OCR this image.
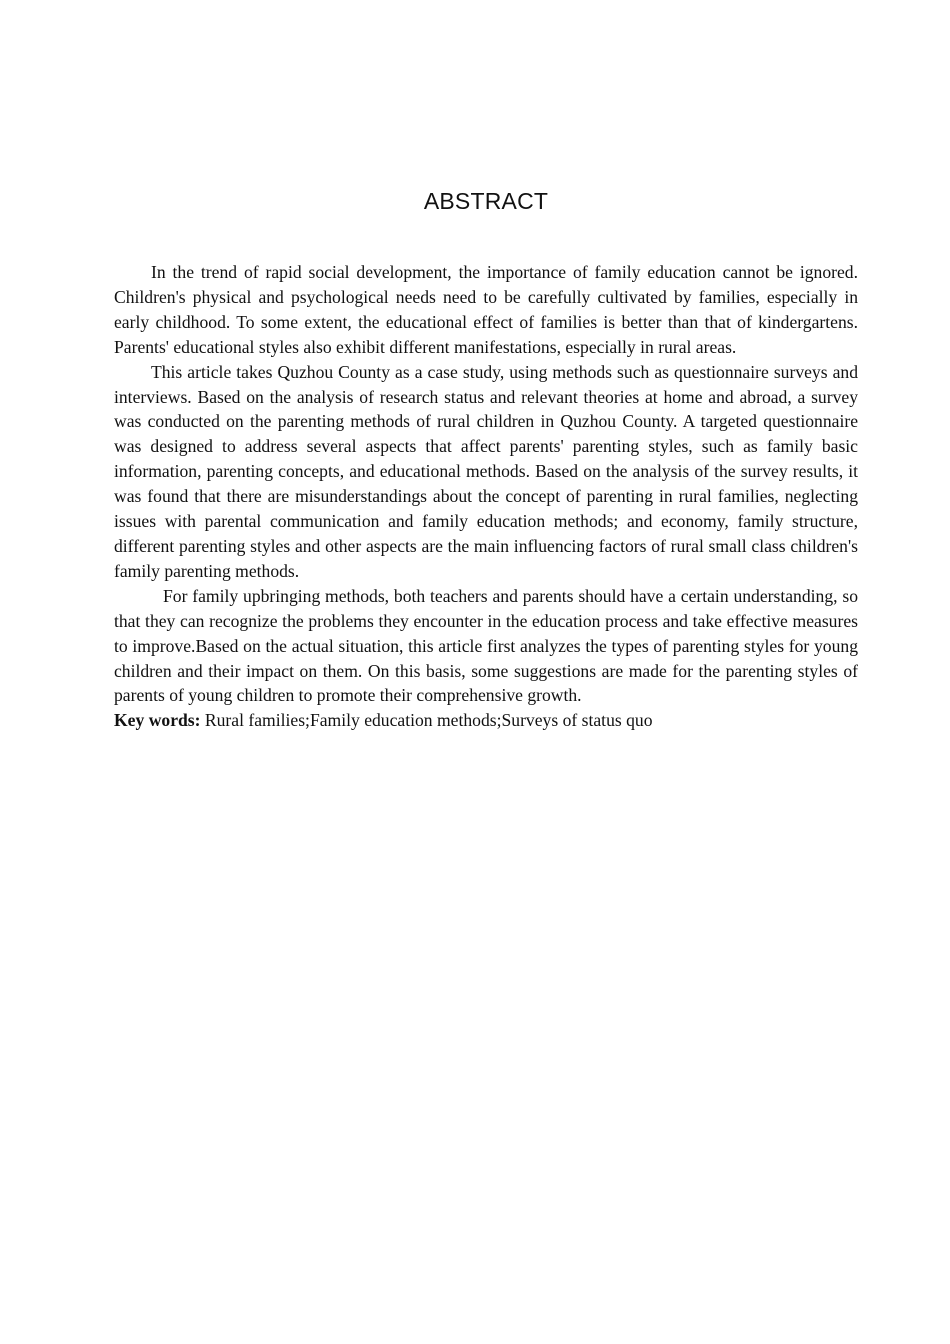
ABSTRACT

In the trend of rapid social development, the importance of family education cannot be ignored. Children's physical and psychological needs need to be carefully cultivated by families, especially in early childhood. To some extent, the educational effect of families is better than that of kindergartens. Parents' educational styles also exhibit different manifestations, especially in rural areas.

This article takes Quzhou County as a case study, using methods such as questionnaire surveys and interviews. Based on the analysis of research status and relevant theories at home and abroad, a survey was conducted on the parenting methods of rural children in Quzhou County. A targeted questionnaire was designed to address several aspects that affect parents' parenting styles, such as family basic information, parenting concepts, and educational methods. Based on the analysis of the survey results, it was found that there are misunderstandings about the concept of parenting in rural families, neglecting issues with parental communication and family education methods; and economy, family structure, different parenting styles and other aspects are the main influencing factors of rural small class children's family parenting methods.

For family upbringing methods, both teachers and parents should have a certain understanding, so that they can recognize the problems they encounter in the education process and take effective measures to improve.Based on the actual situation, this article first analyzes the types of parenting styles for young children and their impact on them. On this basis, some suggestions are made for the parenting styles of parents of young children to promote their comprehensive growth.

Key words: Rural families;Family education methods;Surveys of status quo
